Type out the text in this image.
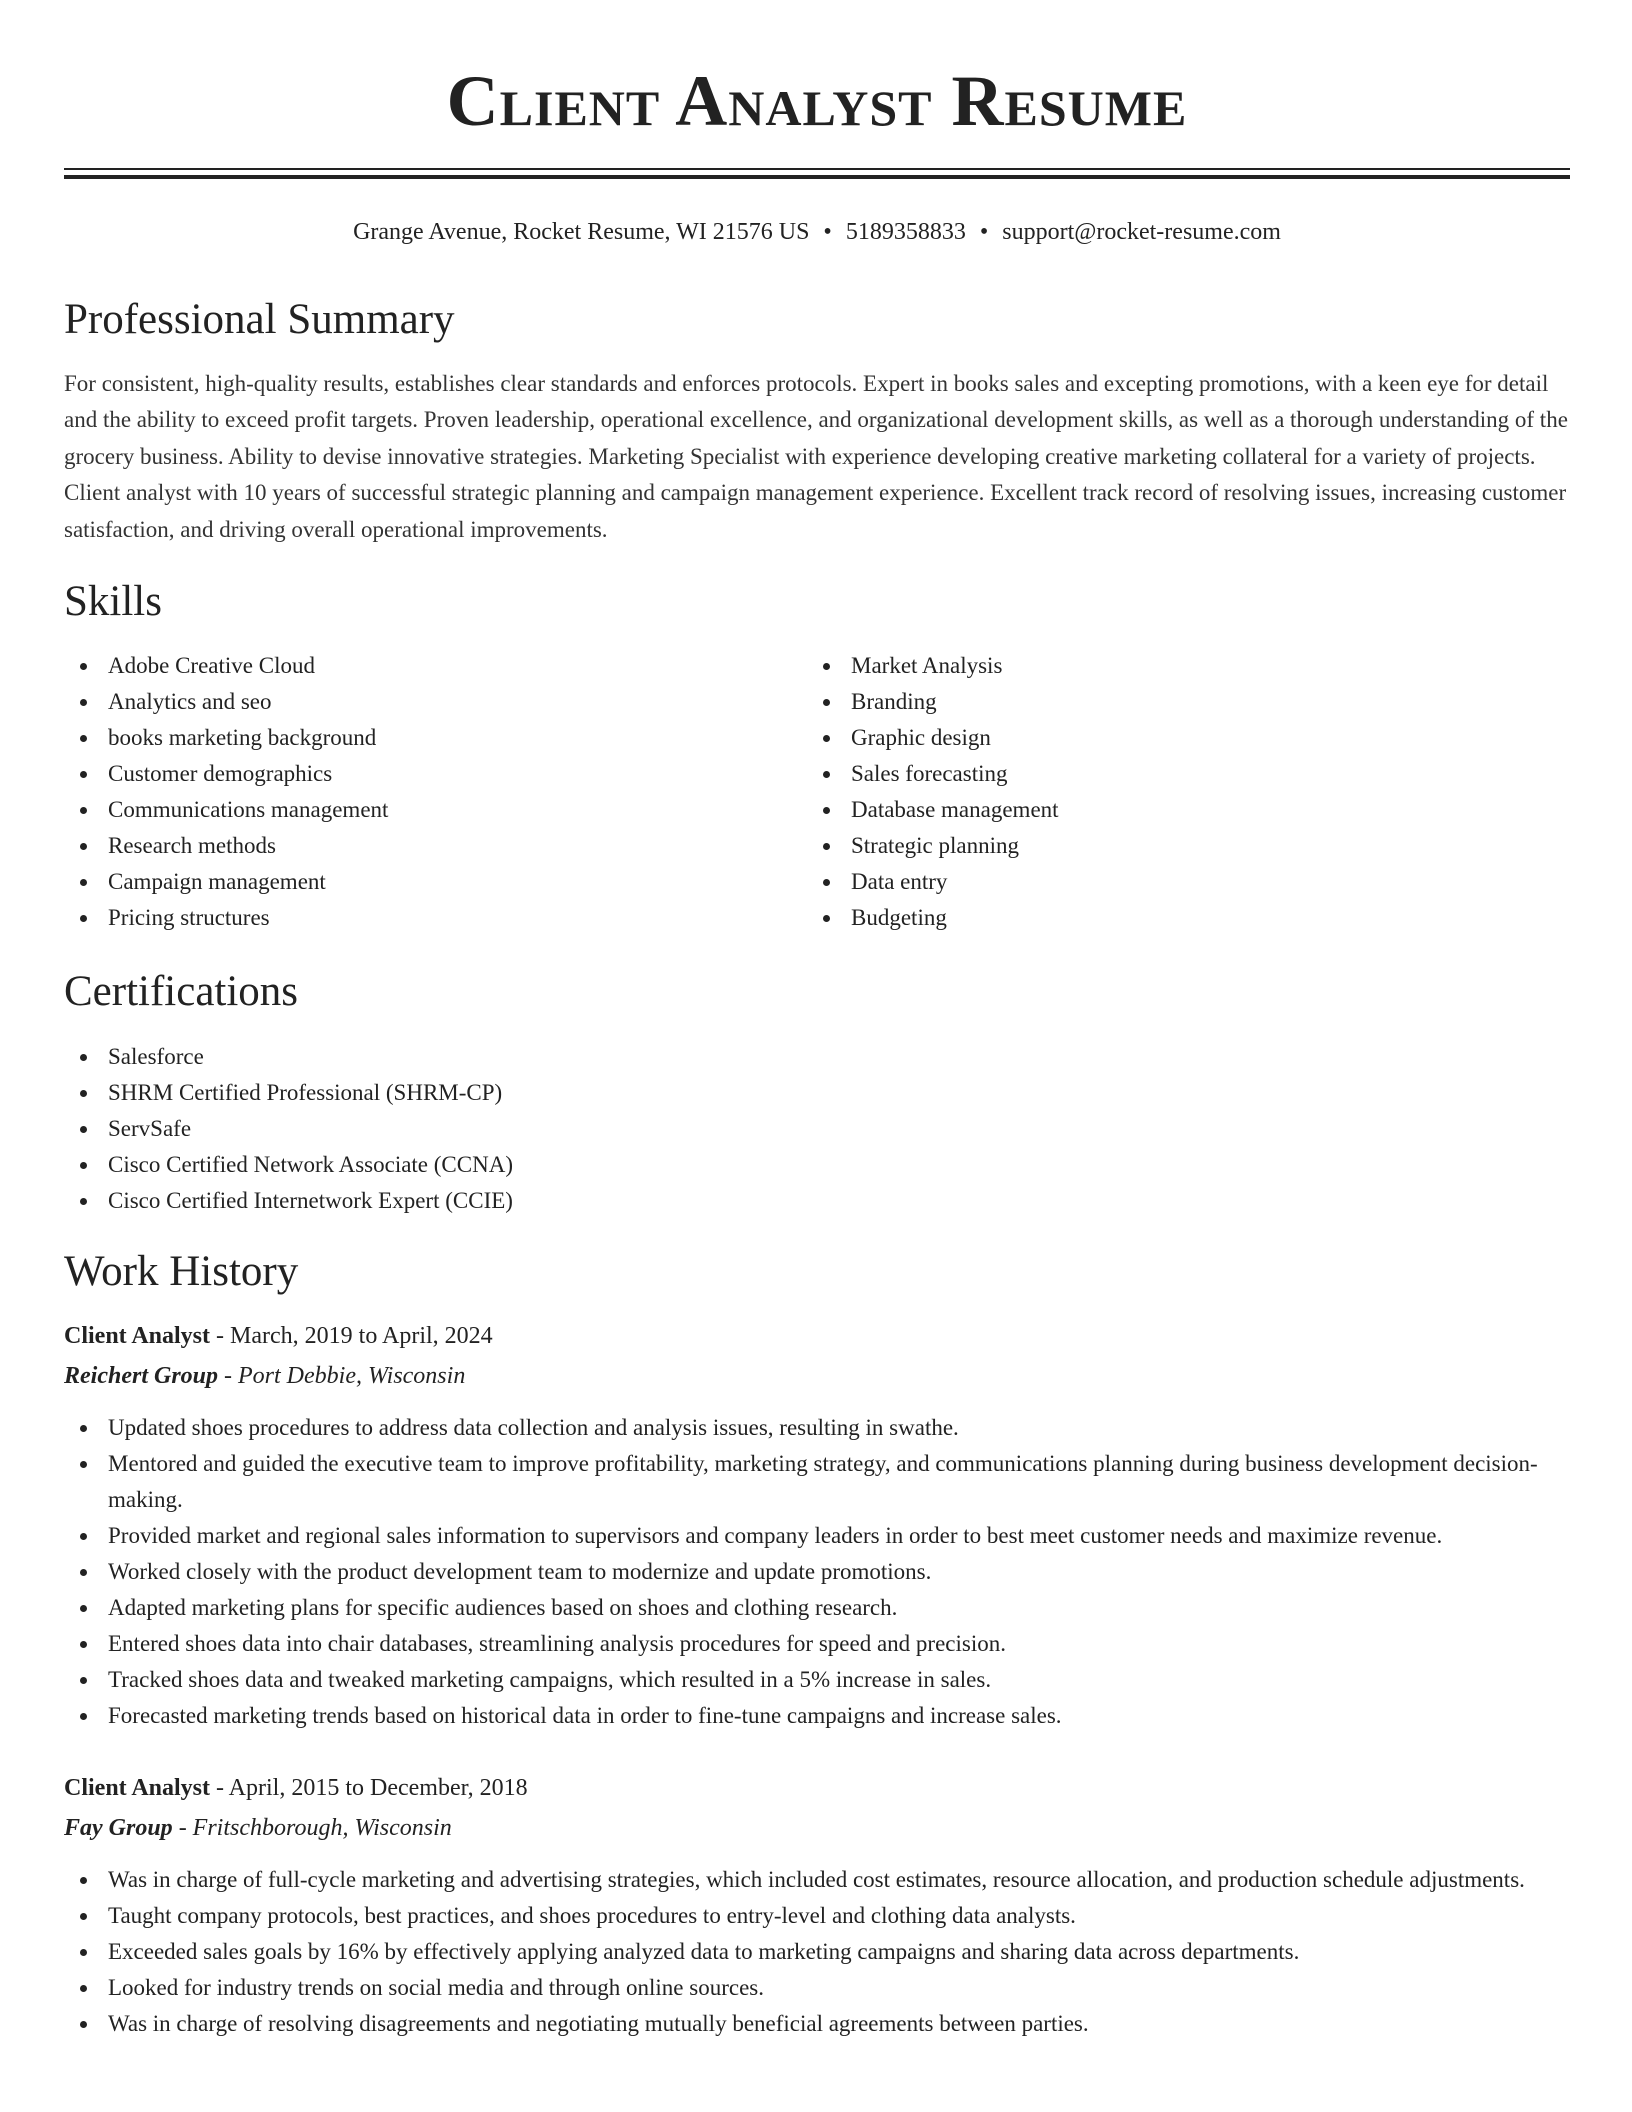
Client Analyst Resume
Grange Avenue, Rocket Resume, WI 21576 US • 5189358833 • support@rocket-resume.com
Professional Summary

For consistent, high-quality results, establishes clear standards and enforces protocols. Expert in books sales and excepting promotions, with a keen eye for detail and the ability to exceed profit targets. Proven leadership, operational excellence, and organizational development skills, as well as a thorough understanding of the grocery business. Ability to devise innovative strategies. Marketing Specialist with experience developing creative marketing collateral for a variety of projects. Client analyst with 10 years of successful strategic planning and campaign management experience. Excellent track record of resolving issues, increasing customer satisfaction, and driving overall operational improvements.

Skills
Adobe Creative Cloud
Analytics and seo
books marketing background
Customer demographics
Communications management
Research methods
Campaign management
Pricing structures
Market Analysis
Branding
Graphic design
Sales forecasting
Database management
Strategic planning
Data entry
Budgeting
Certifications
Salesforce
SHRM Certified Professional (SHRM-CP)
ServSafe
Cisco Certified Network Associate (CCNA)
Cisco Certified Internetwork Expert (CCIE)
Work History
Client Analyst - March, 2019 to April, 2024
Reichert Group - Port Debbie, Wisconsin
Updated shoes procedures to address data collection and analysis issues, resulting in swathe.
Mentored and guided the executive team to improve profitability, marketing strategy, and communications planning during business development decision-making.
Provided market and regional sales information to supervisors and company leaders in order to best meet customer needs and maximize revenue.
Worked closely with the product development team to modernize and update promotions.
Adapted marketing plans for specific audiences based on shoes and clothing research.
Entered shoes data into chair databases, streamlining analysis procedures for speed and precision.
Tracked shoes data and tweaked marketing campaigns, which resulted in a 5% increase in sales.
Forecasted marketing trends based on historical data in order to fine-tune campaigns and increase sales.
Client Analyst - April, 2015 to December, 2018
Fay Group - Fritschborough, Wisconsin
Was in charge of full-cycle marketing and advertising strategies, which included cost estimates, resource allocation, and production schedule adjustments.
Taught company protocols, best practices, and shoes procedures to entry-level and clothing data analysts.
Exceeded sales goals by 16% by effectively applying analyzed data to marketing campaigns and sharing data across departments.
Looked for industry trends on social media and through online sources.
Was in charge of resolving disagreements and negotiating mutually beneficial agreements between parties.
